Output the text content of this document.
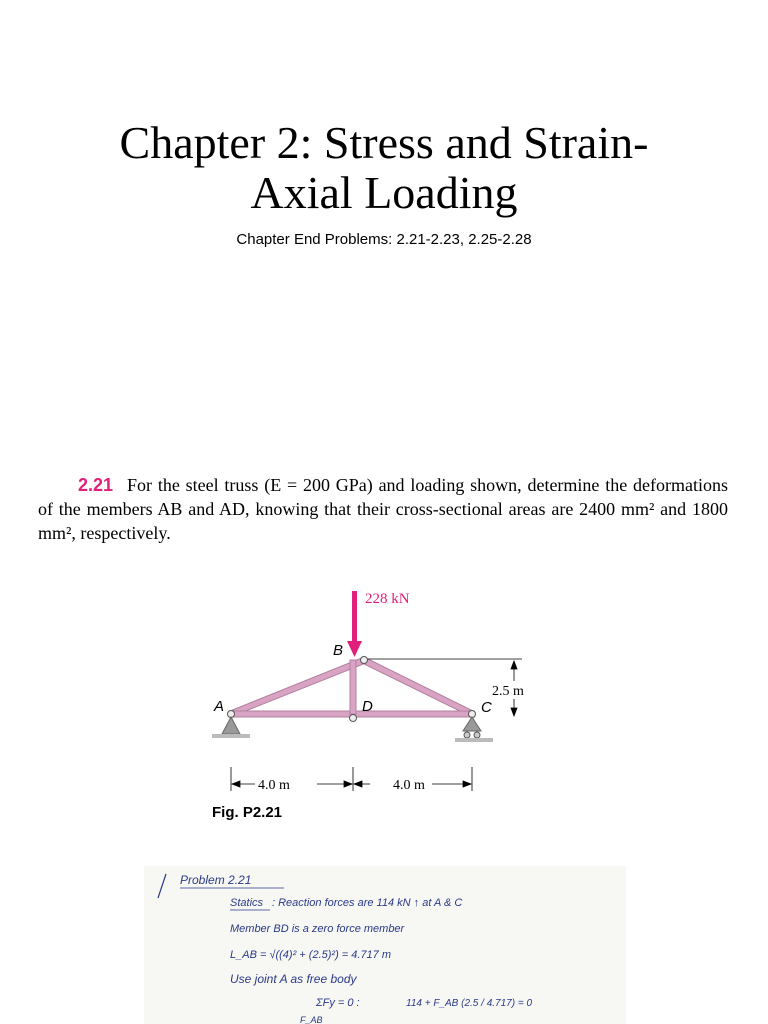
Chapter 2: Stress and Strain-
Axial Loading
Chapter End Problems: 2.21-2.23, 2.25-2.28
2.21 For the steel truss (E = 200 GPa) and loading shown, determine the deformations of the members AB and AD, knowing that their cross-sectional areas are 2400 mm² and 1800 mm², respectively.
228 kN
B
A	D	C
2.5 m
4.0 m	4.0 m
Fig. P2.21
Problem 2.21
Statics : Reaction forces are 114 kN ↑ at A & C
Member BD is a zero force member
L_AB = √((4)² + (2.5)²) = 4.717 m
Use joint A as free body
ΣFy = 0 :	114 + F_AB (2.5 / 4.717) = 0
F_AB
